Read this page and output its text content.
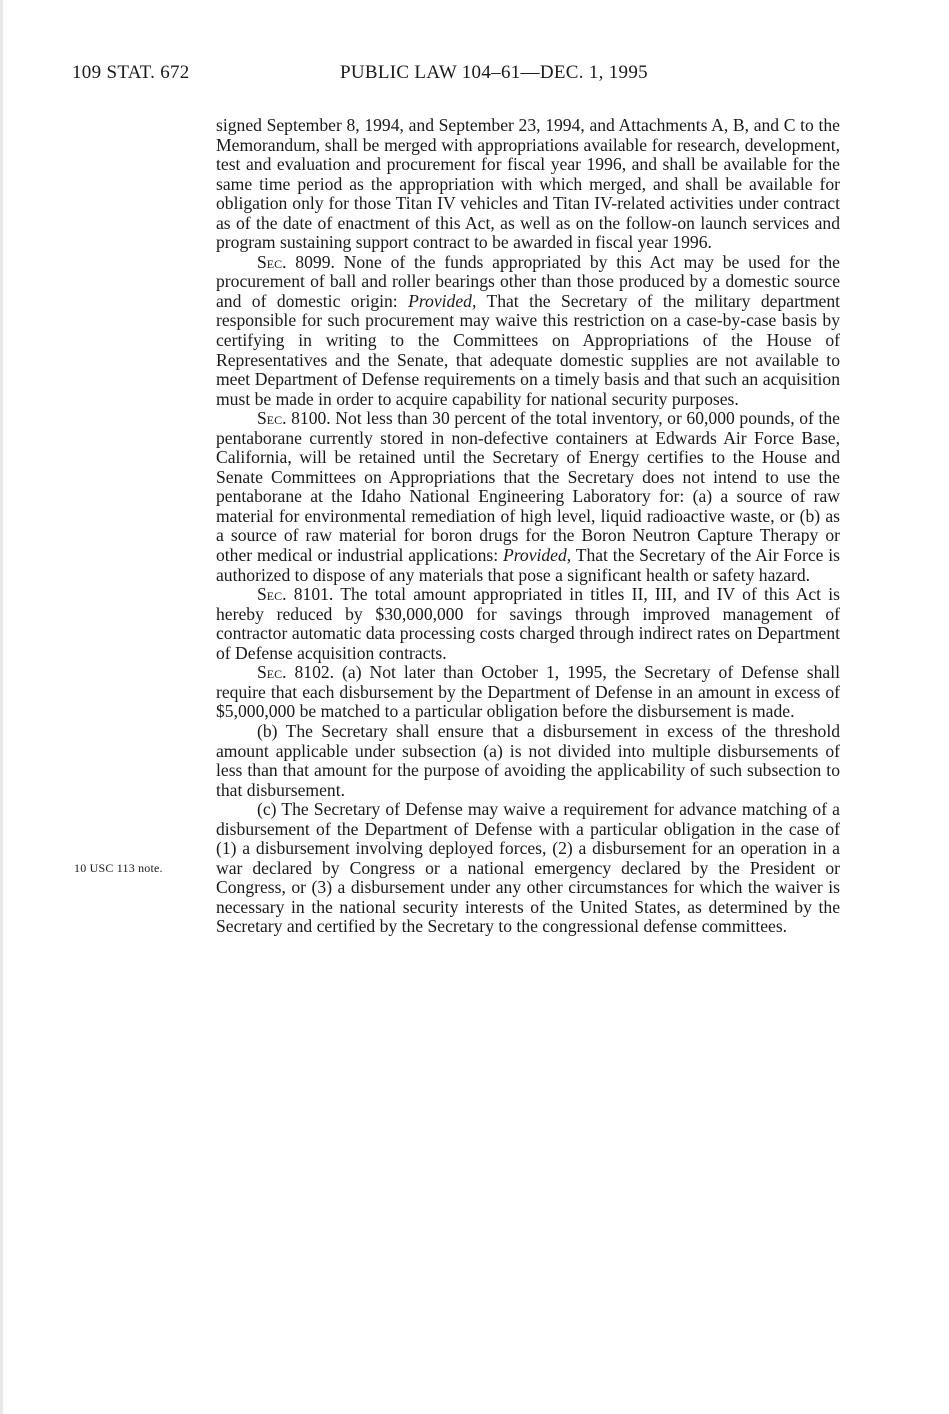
109 STAT. 672	PUBLIC LAW 104–61—DEC. 1, 1995
10 USC 113 note.

signed September 8, 1994, and September 23, 1994, and Attachments A, B, and C to the Memorandum, shall be merged with appropriations available for research, development, test and evaluation and procurement for fiscal year 1996, and shall be available for the same time period as the appropriation with which merged, and shall be available for obligation only for those Titan IV vehicles and Titan IV-related activities under contract as of the date of enactment of this Act, as well as on the follow-on launch services and program sustaining support contract to be awarded in fiscal year 1996.

Sec. 8099. None of the funds appropriated by this Act may be used for the procurement of ball and roller bearings other than those produced by a domestic source and of domestic origin: Provided, That the Secretary of the military department responsible for such procurement may waive this restriction on a case-by-case basis by certifying in writing to the Committees on Appropriations of the House of Representatives and the Senate, that adequate domestic supplies are not available to meet Department of Defense requirements on a timely basis and that such an acquisition must be made in order to acquire capability for national security purposes.

Sec. 8100. Not less than 30 percent of the total inventory, or 60,000 pounds, of the pentaborane currently stored in non-defective containers at Edwards Air Force Base, California, will be retained until the Secretary of Energy certifies to the House and Senate Committees on Appropriations that the Secretary does not intend to use the pentaborane at the Idaho National Engineering Laboratory for: (a) a source of raw material for environmental remediation of high level, liquid radioactive waste, or (b) as a source of raw material for boron drugs for the Boron Neutron Capture Therapy or other medical or industrial applications: Provided, That the Secretary of the Air Force is authorized to dispose of any materials that pose a significant health or safety hazard.

Sec. 8101. The total amount appropriated in titles II, III, and IV of this Act is hereby reduced by $30,000,000 for savings through improved management of contractor automatic data processing costs charged through indirect rates on Department of Defense acquisition contracts.

Sec. 8102. (a) Not later than October 1, 1995, the Secretary of Defense shall require that each disbursement by the Department of Defense in an amount in excess of $5,000,000 be matched to a particular obligation before the disbursement is made.

(b) The Secretary shall ensure that a disbursement in excess of the threshold amount applicable under subsection (a) is not divided into multiple disbursements of less than that amount for the purpose of avoiding the applicability of such subsection to that disbursement.

(c) The Secretary of Defense may waive a requirement for advance matching of a disbursement of the Department of Defense with a particular obligation in the case of (1) a disbursement involving deployed forces, (2) a disbursement for an operation in a war declared by Congress or a national emergency declared by the President or Congress, or (3) a disbursement under any other circumstances for which the waiver is necessary in the national security interests of the United States, as determined by the Secretary and certified by the Secretary to the congressional defense committees.
